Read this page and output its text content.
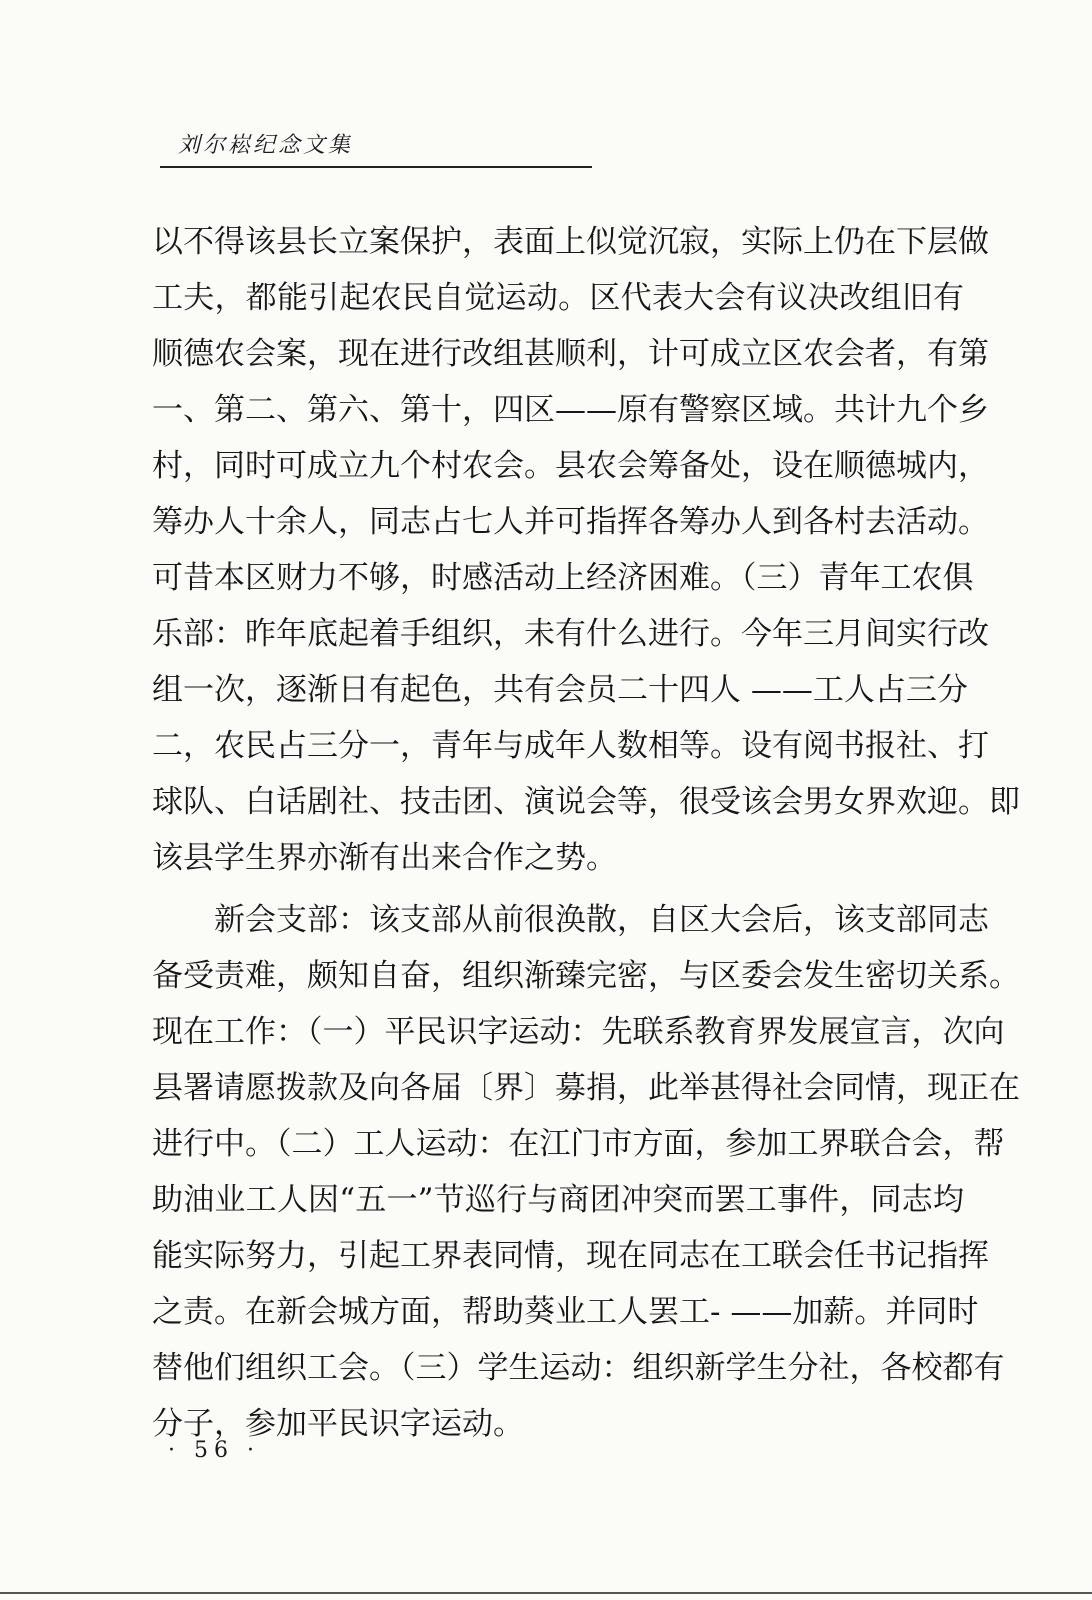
刘尔崧纪念文集
以不得该县长立案保护，表面上似觉沉寂，实际上仍在下层做
工夫，都能引起农民自觉运动。区代表大会有议决改组旧有
顺德农会案，现在进行改组甚顺利，计可成立区农会者，有第
一、第二、第六、第十，四区——原有警察区域。共计九个乡
村，同时可成立九个村农会。县农会筹备处，设在顺德城内，
筹办人十余人，同志占七人并可指挥各筹办人到各村去活动。
可昔本区财力不够，时感活动上经济困难。（三）青年工农俱
乐部：昨年底起着手组织，未有什么进行。今年三月间实行改
组一次，逐渐日有起色，共有会员二十四人 ——工人占三分
二，农民占三分一，青年与成年人数相等。设有阅书报社、打
球队、白话剧社、技击团、演说会等，很受该会男女界欢迎。即
该县学生界亦渐有出来合作之势。
新会支部：该支部从前很涣散，自区大会后，该支部同志
备受责难，颇知自奋，组织渐臻完密，与区委会发生密切关系。
现在工作：（一）平民识字运动：先联系教育界发展宣言，次向
县署请愿拨款及向各届〔界〕募捐，此举甚得社会同情，现正在
进行中。（二）工人运动：在江门市方面，参加工界联合会，帮
助油业工人因“五一”节巡行与商团冲突而罢工事件，同志均
能实际努力，引起工界表同情，现在同志在工联会任书记指挥
之责。在新会城方面，帮助葵业工人罢工- ——加薪。并同时
替他们组织工会。（三）学生运动：组织新学生分社，各校都有
分子，参加平民识字运动。
· 56 ·
